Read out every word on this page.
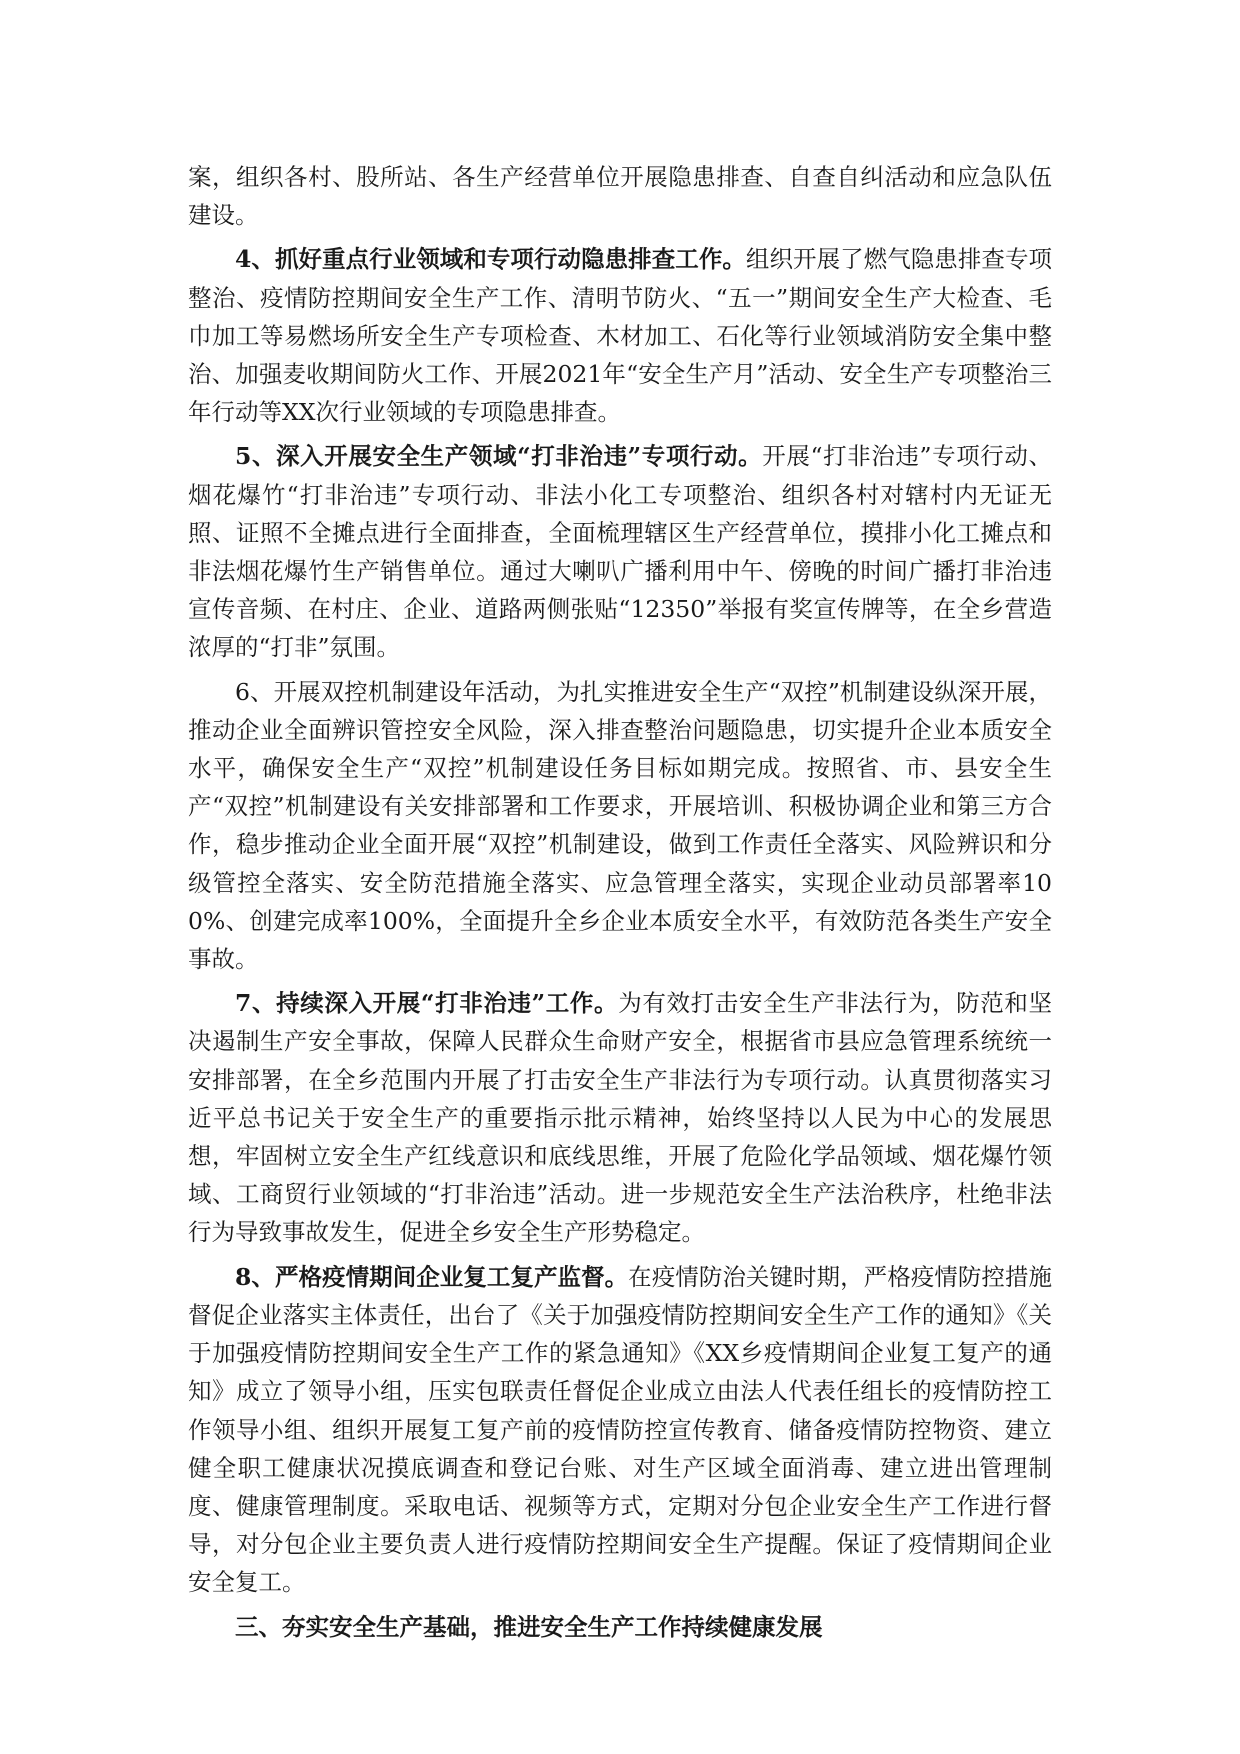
案，组织各村、股所站、各生产经营单位开展隐患排查、自查自纠活动和应急队伍建设。

4、抓好重点行业领域和专项行动隐患排查工作。组织开展了燃气隐患排查专项整治、疫情防控期间安全生产工作、清明节防火、“五一”期间安全生产大检查、毛巾加工等易燃场所安全生产专项检查、木材加工、石化等行业领域消防安全集中整治、加强麦收期间防火工作、开展2021年“安全生产月”活动、安全生产专项整治三年行动等XX次行业领域的专项隐患排查。

5、深入开展安全生产领域“打非治违”专项行动。开展“打非治违”专项行动、烟花爆竹“打非治违”专项行动、非法小化工专项整治、组织各村对辖村内无证无照、证照不全摊点进行全面排查，全面梳理辖区生产经营单位，摸排小化工摊点和非法烟花爆竹生产销售单位。通过大喇叭广播利用中午、傍晚的时间广播打非治违宣传音频、在村庄、企业、道路两侧张贴“12350”举报有奖宣传牌等，在全乡营造浓厚的“打非”氛围。

6、开展双控机制建设年活动，为扎实推进安全生产“双控”机制建设纵深开展，推动企业全面辨识管控安全风险，深入排查整治问题隐患，切实提升企业本质安全水平，确保安全生产“双控”机制建设任务目标如期完成。按照省、市、县安全生产“双控”机制建设有关安排部署和工作要求，开展培训、积极协调企业和第三方合作，稳步推动企业全面开展“双控”机制建设，做到工作责任全落实、风险辨识和分级管控全落实、安全防范措施全落实、应急管理全落实，实现企业动员部署率100%、创建完成率100%，全面提升全乡企业本质安全水平，有效防范各类生产安全事故。

7、持续深入开展“打非治违”工作。为有效打击安全生产非法行为，防范和坚决遏制生产安全事故，保障人民群众生命财产安全，根据省市县应急管理系统统一安排部署，在全乡范围内开展了打击安全生产非法行为专项行动。认真贯彻落实习近平总书记关于安全生产的重要指示批示精神，始终坚持以人民为中心的发展思想，牢固树立安全生产红线意识和底线思维，开展了危险化学品领域、烟花爆竹领域、工商贸行业领域的“打非治违”活动。进一步规范安全生产法治秩序，杜绝非法行为导致事故发生，促进全乡安全生产形势稳定。

8、严格疫情期间企业复工复产监督。在疫情防治关键时期，严格疫情防控措施督促企业落实主体责任，出台了《关于加强疫情防控期间安全生产工作的通知》《关于加强疫情防控期间安全生产工作的紧急通知》《XX乡疫情期间企业复工复产的通知》成立了领导小组，压实包联责任督促企业成立由法人代表任组长的疫情防控工作领导小组、组织开展复工复产前的疫情防控宣传教育、储备疫情防控物资、建立健全职工健康状况摸底调查和登记台账、对生产区域全面消毒、建立进出管理制度、健康管理制度。采取电话、视频等方式，定期对分包企业安全生产工作进行督导，对分包企业主要负责人进行疫情防控期间安全生产提醒。保证了疫情期间企业安全复工。

三、夯实安全生产基础，推进安全生产工作持续健康发展
